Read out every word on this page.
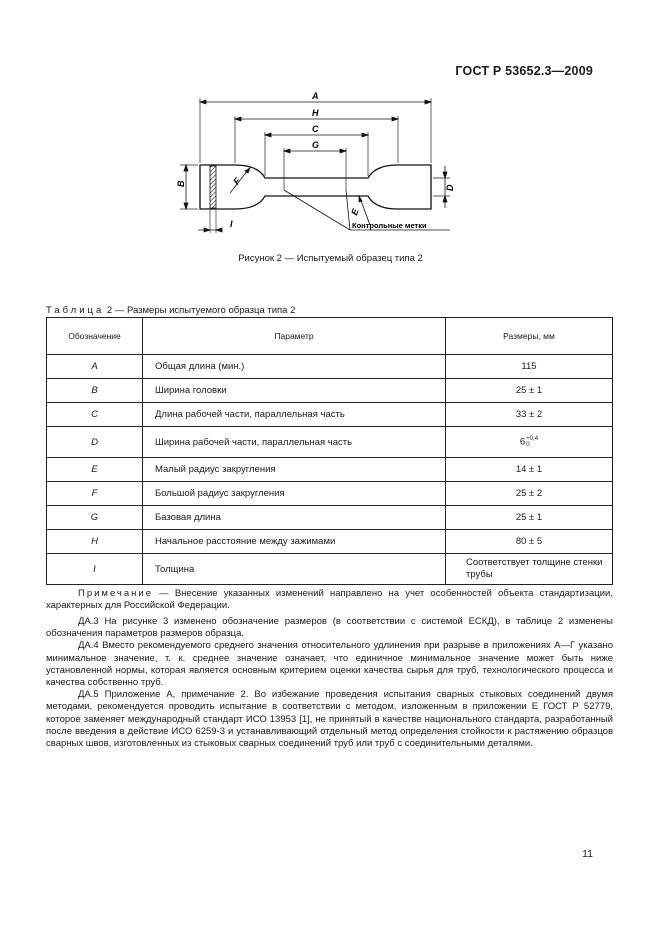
ГОСТ Р 53652.3—2009
A
H
C
G
B
D
F
E
I	Контрольные метки
Рисунок 2 — Испытуемый образец типа 2
Таблица 2 — Размеры испытуемого образца типа 2
Обозначение	Параметр	Размеры, мм
A	Общая длина (мин.)	115
B	Ширина головки	25 ± 1
C	Длина рабочей части, параллельная часть	33 ± 2
D	Ширина рабочей части, параллельная часть	6+0,4
0
E	Малый радиус закругления	14 ± 1
F	Большой радиус закругления	25 ± 2
G	Базовая длина	25 ± 1
H	Начальное расстояние между зажимами	80 ± 5
I	Толщина	Соответствует толщине стенки трубы

Примечание — Внесение указанных изменений направлено на учет особенностей объекта стандартизации, характерных для Российской Федерации.

ДА.3 На рисунке 3 изменено обозначение размеров (в соответствии с системой ЕСКД), в таблице 2 изменены обозначения параметров размеров образца.

ДА.4 Вместо рекомендуемого среднего значения относительного удлинения при разрыве в приложениях А—Г указано минимальное значение, т. к. среднее значение означает, что единичное минимальное значение может быть ниже установленной нормы, которая является основным критерием оценки качества сырья для труб, технологического процесса и качества собственно труб.

ДА.5 Приложение А, примечание 2. Во избежание проведения испытания сварных стыковых соединений двумя методами, рекомендуется проводить испытание в соответствии с методом, изложенным в приложении Е ГОСТ Р 52779, которое заменяет международный стандарт ИСО 13953 [1], не принятый в качестве национального стандарта, разработанный после введения в действие ИСО 6259-3 и устанавливающий отдельный метод определения стойкости к растяжению образцов сварных швов, изготовленных из стыковых сварных соединений труб или труб с соединительными деталями.

11
